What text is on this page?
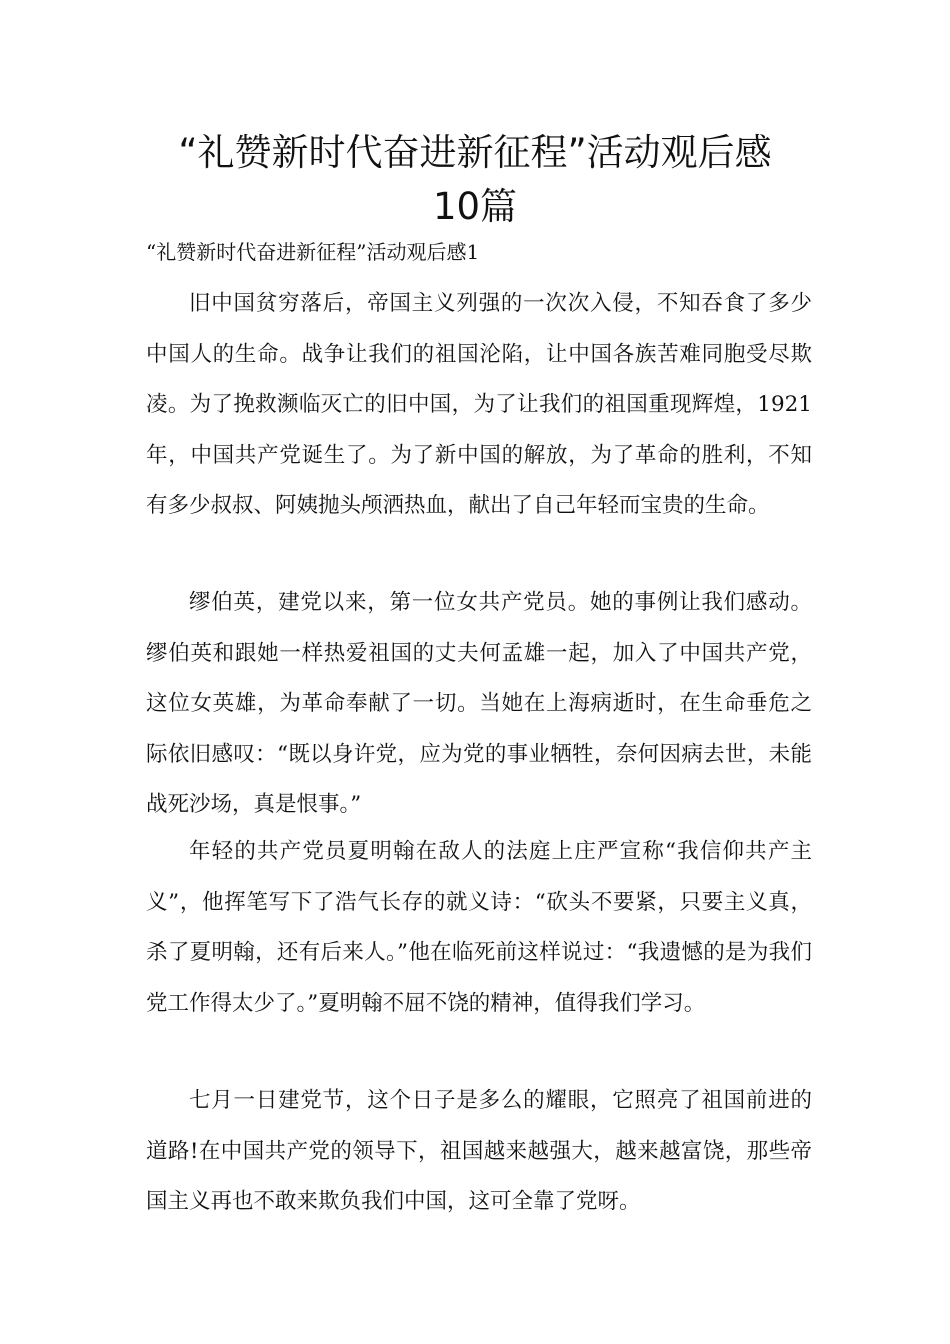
“礼赞新时代奋进新征程”活动观后感
10篇

“礼赞新时代奋进新征程”活动观后感1

旧中国贫穷落后，帝国主义列强的一次次入侵，不知吞食了多少中国人的生命。战争让我们的祖国沦陷，让中国各族苦难同胞受尽欺凌。为了挽救濒临灭亡的旧中国，为了让我们的祖国重现辉煌，1921年，中国共产党诞生了。为了新中国的解放，为了革命的胜利，不知有多少叔叔、阿姨抛头颅洒热血，献出了自己年轻而宝贵的生命。

缪伯英，建党以来，第一位女共产党员。她的事例让我们感动。缪伯英和跟她一样热爱祖国的丈夫何孟雄一起，加入了中国共产党，这位女英雄，为革命奉献了一切。当她在上海病逝时，在生命垂危之际依旧感叹：“既以身许党，应为党的事业牺牲，奈何因病去世，未能战死沙场，真是恨事。”

年轻的共产党员夏明翰在敌人的法庭上庄严宣称“我信仰共产主义”，他挥笔写下了浩气长存的就义诗：“砍头不要紧，只要主义真，杀了夏明翰，还有后来人。”他在临死前这样说过：“我遗憾的是为我们党工作得太少了。”夏明翰不屈不饶的精神，值得我们学习。

七月一日建党节，这个日子是多么的耀眼，它照亮了祖国前进的道路!在中国共产党的领导下，祖国越来越强大，越来越富饶，那些帝国主义再也不敢来欺负我们中国，这可全靠了党呀。
